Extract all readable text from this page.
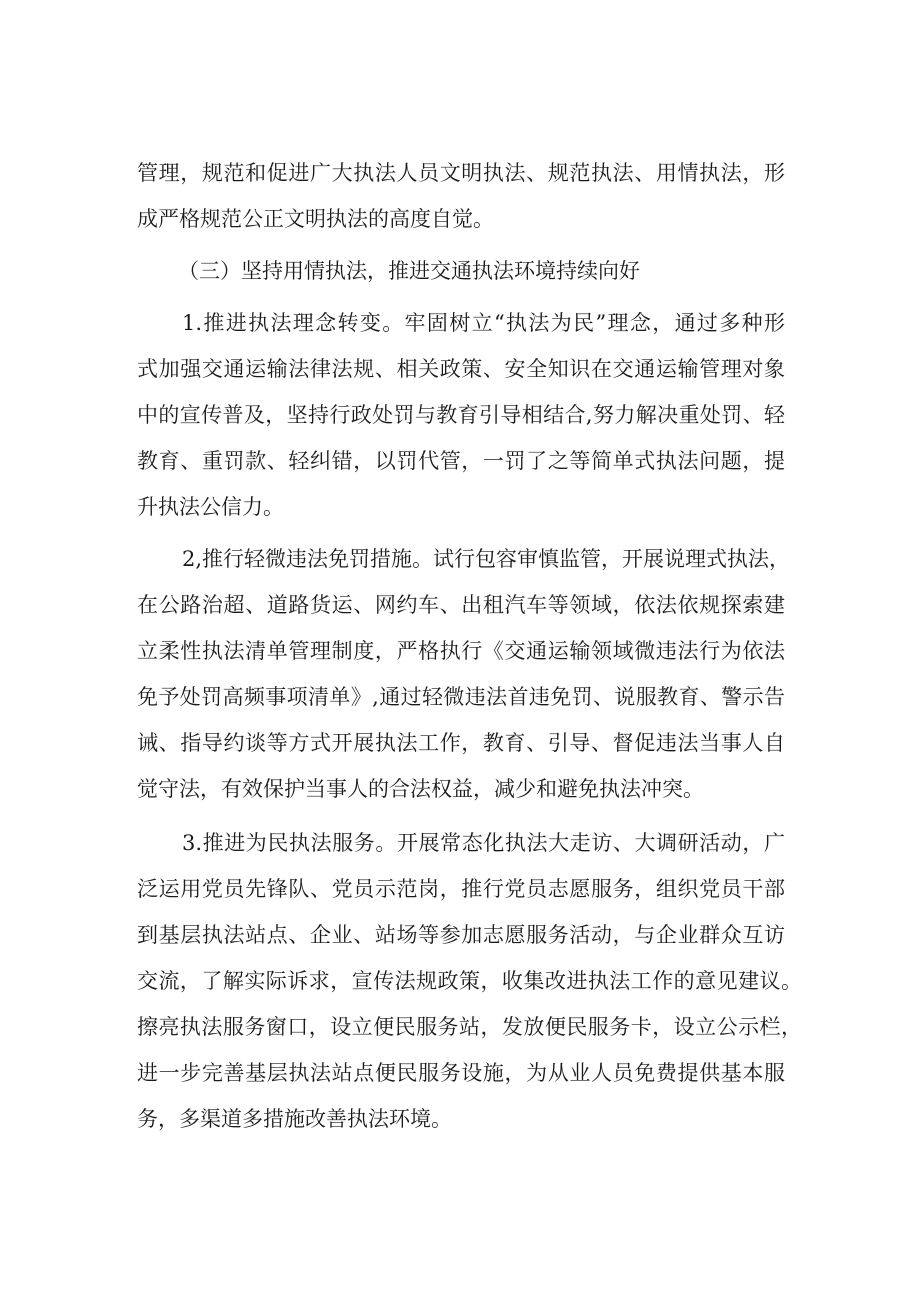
管理，规范和促进广大执法人员文明执法、规范执法、用情执法，形

成严格规范公正文明执法的高度自觉。

（三）坚持用情执法，推进交通执法环境持续向好

1.推进执法理念转变。牢固树立“执法为民”理念，通过多种形

式加强交通运输法律法规、相关政策、安全知识在交通运输管理对象

中的宣传普及，坚持行政处罚与教育引导相结合,努力解决重处罚、轻

教育、重罚款、轻纠错，以罚代管，一罚了之等简单式执法问题，提

升执法公信力。

2,推行轻微违法免罚措施。试行包容审慎监管，开展说理式执法，

在公路治超、道路货运、网约车、出租汽车等领域，依法依规探索建

立柔性执法清单管理制度，严格执行《交通运输领域微违法行为依法

免予处罚高频事项清单》,通过轻微违法首违免罚、说服教育、警示告

诫、指导约谈等方式开展执法工作，教育、引导、督促违法当事人自

觉守法，有效保护当事人的合法权益，减少和避免执法冲突。

3.推进为民执法服务。开展常态化执法大走访、大调研活动，广

泛运用党员先锋队、党员示范岗，推行党员志愿服务，组织党员干部

到基层执法站点、企业、站场等参加志愿服务活动，与企业群众互访

交流，了解实际诉求，宣传法规政策，收集改进执法工作的意见建议。

擦亮执法服务窗口，设立便民服务站，发放便民服务卡，设立公示栏，

进一步完善基层执法站点便民服务设施，为从业人员免费提供基本服

务，多渠道多措施改善执法环境。
